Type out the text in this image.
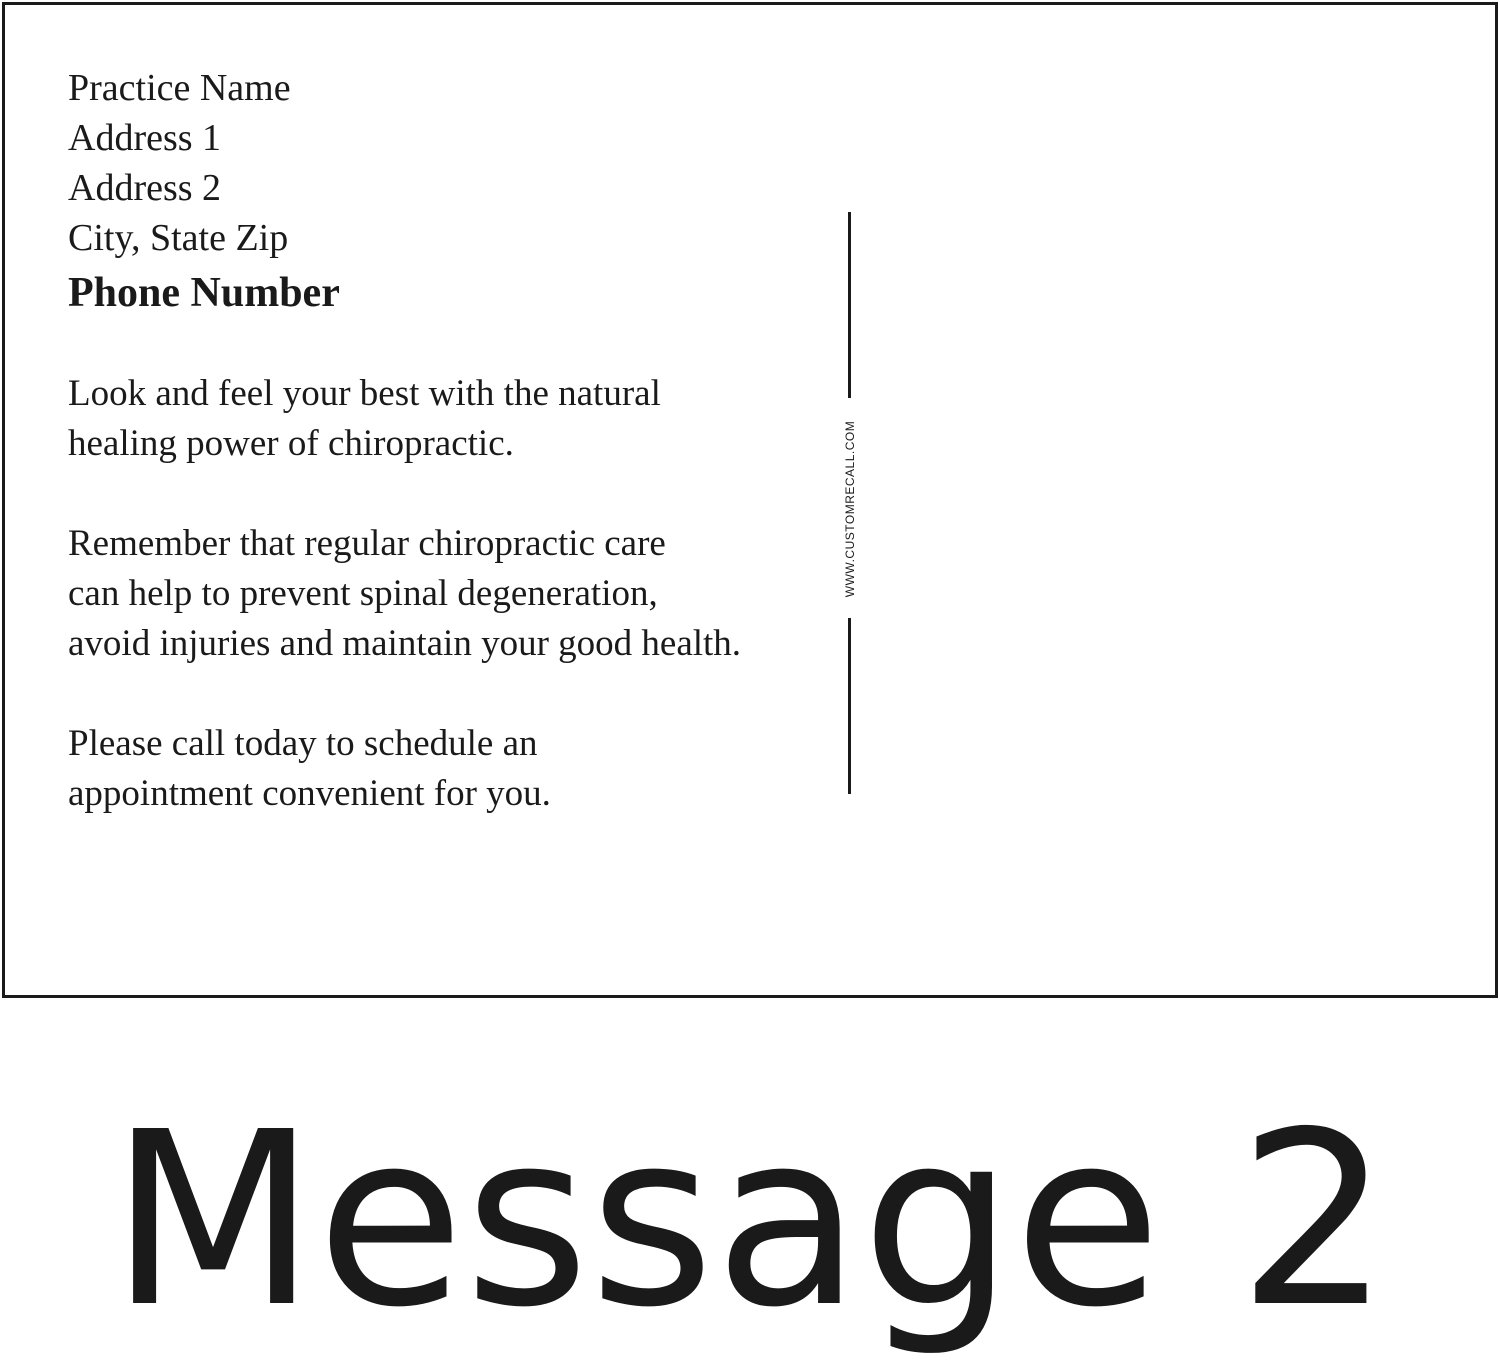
Practice Name
Address 1
Address 2
City, State Zip
Phone Number
Look and feel your best with the natural
healing power of chiropractic.
Remember that regular chiropractic care
can help to prevent spinal degeneration,
avoid injuries and maintain your good health.
Please call today to schedule an
appointment convenient for you.
WWW.CUSTOMRECALL.COM
Message 2
